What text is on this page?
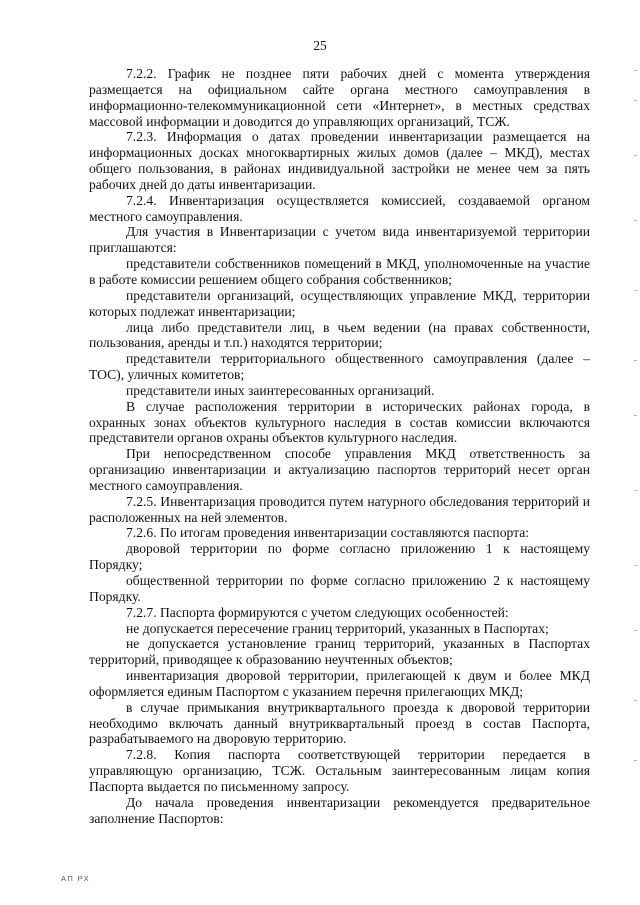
25

7.2.2. График не позднее пяти рабочих дней с момента утверждения размещается на официальном сайте органа местного самоуправления в информационно-телекоммуникационной сети «Интернет», в местных средствах массовой информации и доводится до управляющих организаций, ТСЖ.

7.2.3. Информация о датах проведении инвентаризации размещается на информационных досках многоквартирных жилых домов (далее – МКД), местах общего пользования, в районах индивидуальной застройки не менее чем за пять рабочих дней до даты инвентаризации.

7.2.4. Инвентаризация осуществляется комиссией, создаваемой органом местного самоуправления.

Для участия в Инвентаризации с учетом вида инвентаризуемой территории приглашаются:

представители собственников помещений в МКД, уполномоченные на участие в работе комиссии решением общего собрания собственников;

представители организаций, осуществляющих управление МКД, территории которых подлежат инвентаризации;

лица либо представители лиц, в чьем ведении (на правах собственности, пользования, аренды и т.п.) находятся территории;

представители территориального общественного самоуправления (далее – ТОС), уличных комитетов;

представители иных заинтересованных организаций.

В случае расположения территории в исторических районах города, в охранных зонах объектов культурного наследия в состав комиссии включаются представители органов охраны объектов культурного наследия.

При непосредственном способе управления МКД ответственность за организацию инвентаризации и актуализацию паспортов территорий несет орган местного самоуправления.

7.2.5. Инвентаризация проводится путем натурного обследования территорий и расположенных на ней элементов.

7.2.6. По итогам проведения инвентаризации составляются паспорта:

дворовой территории по форме согласно приложению 1 к настоящему Порядку;

общественной территории по форме согласно приложению 2 к настоящему Порядку.

7.2.7. Паспорта формируются с учетом следующих особенностей:

не допускается пересечение границ территорий, указанных в Паспортах;

не допускается установление границ территорий, указанных в Паспортах территорий, приводящее к образованию неучтенных объектов;

инвентаризация дворовой территории, прилегающей к двум и более МКД оформляется единым Паспортом с указанием перечня прилегающих МКД;

в случае примыкания внутриквартального проезда к дворовой территории необходимо включать данный внутриквартальный проезд в состав Паспорта, разрабатываемого на дворовую территорию.

7.2.8. Копия паспорта соответствующей территории передается в управляющую организацию, ТСЖ. Остальным заинтересованным лицам копия Паспорта выдается по письменному запросу.

До начала проведения инвентаризации рекомендуется предварительное заполнение Паспортов:

АП РХ
